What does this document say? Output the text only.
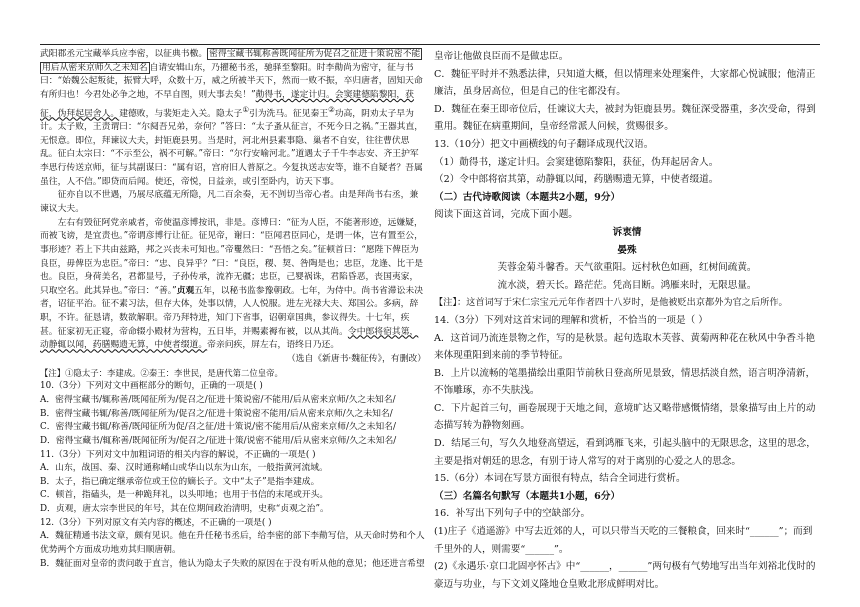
武阳郡丞元宝藏举兵应李密，以征典书檄。 密得宝藏书辄称善既闻征所为促召之征进十策说密不能用后从密来京师久之未知名 自请安辑山东，乃擢秘书丞，驰驿至黎阳。时李勣尚为密守，征与书曰：“始魏公起叛徒，振臂大呼，众数十万，威之所被半天下，然而一败不振，卒归唐者，固知天命有所归也！今君处必争之地，不早自图，则大事去矣！”勣得书，遂定计归。会窦建德陷黎阳，获征，伪拜起居舍人。建德败，与裴矩走入关。隐太子①引为洗马。征见秦王②功高，阴劝太子早为计。太子败，王责谓曰：“尔阋吾兄弟，奈何？”答曰：“太子蚤从征言，不死今日之祸。”王器其直，无恨意。即位，拜谏议大夫，封钜鹿县男。当是时，河北州县素事隐、巢者不自安，往往曹伏思乱。征白太宗曰：“不示至公，祸不可解。”帝曰：“尔行安喻河北。”道遇太子千牛李志安、齐王护军李思行传送京师，征与其副谋曰：“属有诏，宫府旧人普原之。今复执送志安等，谁不自疑者？吾属虽往，人不信。”即贷而后闻。使还，帝悦，日益亲，或引至卧内，访天下事。

征亦自以不世遇，乃展尽底蕴无所隐，凡二百余奏，无不剀切当帝心者。由是拜尚书右丞，兼谏议大夫。

左右有毁征阿党亲戚者，帝使温彦博按讯，非是。彦博曰：“征为人臣，不能著形迹，远嫌疑，而被飞谤，是宜责也。”帝谓彦博行让征。征见帝，谢曰：“臣闻君臣同心，是谓一体，岂有置至公，事形迹？若上下共由兹路，邦之兴丧未可知也。”帝矍然曰：“吾悟之矣。”征顿首曰：“愿陛下俾臣为良臣，毋俾臣为忠臣。”帝曰：“忠、良异乎？”曰：“良臣，稷、契、咎陶是也；忠臣，龙逢、比干是也。良臣，身荷美名，君都显号，子孙传承，流祚无疆；忠臣，己婴祸诛，君陷昏恶，丧国夷家，只取空名。此其异也。”帝曰：“善。”贞观五年，以秘书监参豫朝政。七年，为侍中。尚书省滞讼未决者，诏征平治。征不素习法，但存大体，处事以情，人人悦服。进左光禄大夫、郑国公。多病，辞职，不许。征恳请，数欲解职。帝乃拜特进，知门下省事，诏朝章国典，参议得失。十七年，疾甚。征家初无正寝，帝命辍小殿材为营构，五日毕，并赐素褥布被，以从其尚。令中郎将宿其第，动静辄以闻，药膳赐遗无算，中使者缀道。帝亲问疾，屏左右，语终日乃还。

（选自《新唐书·魏征传》，有删改）

【注】①隐太子：李建成。②秦王：李世民，是唐代第二位皇帝。

10.（3分）下列对文中画框部分的断句，正确的一项是( )

A．密得宝藏书/辄称善/既闻征所为/促召之/征进十策说密/不能用/后从密来京师/久之未知名/

B．密得宝藏书辄/称善/既闻征所为/促召之/征进十策说密不能用/后从密来京师/久之未知名/

C．密得宝藏书辄/称善/既闻征所为促/召之征/进十策说/密不能用后/从密来京师/久之未知名/

D．密得宝藏书/辄称善/既闻征所为/促召之/征进十策/说密不能用/后从密来京师/久之未知名/

11.（3分）下列对文中加粗词语的相关内容的解说，不正确的一项是( )

A．山东，战国、秦、汉时通称崤山或华山以东为山东，一般指黄河流域。

B．太子，指已确定继承帝位或王位的嫡长子。文中“太子”是指李建成。

C．顿首，指磕头，是一种跪拜礼，以头叩地；也用于书信的末尾或开头。

D．贞观，唐太宗李世民的年号，其在位期间政治清明，史称“贞观之治”。

12.（3分）下列对原文有关内容的概述，不正确的一项是( )

A．魏征精通书法文章，颇有见识。他在升任秘书丞后，给李密的部下李勣写信，从天命时势和个人优势两个方面成功地劝其归顺唐朝。

B．魏征面对皇帝的责问敢于直言，他认为隐太子失败的原因在于没有听从他的意见；他还进言希望

皇帝让他做良臣而不是做忠臣。

C．魏征平时并不熟悉法律，只知道大概，但以情理来处理案件，大家都心悦诚服；他清正廉洁，虽身居高位，但是自己的住宅都没有。

D．魏征在秦王即帝位后，任谏议大夫，被封为钜鹿县男。魏征深受器重，多次受命，得到重用。魏征在病重期间，皇帝经常派人问候，赏赐很多。

13.（10分）把文中画横线的句子翻译成现代汉语。

（1）勣得书，遂定计归。会窦建德陷黎阳，获征，伪拜起居舍人。

（2）令中郎将宿其第，动静辄以闻，药膳赐遗无算，中使者缀道。

（二）古代诗歌阅读（本题共2小题，9分）

阅读下面这首词，完成下面小题。

诉衷情

晏殊

芙蓉金菊斗馨香。天气欲重阳。远村秋色如画，红树间疏黄。

流水淡，碧天长。路茫茫。凭高目断。鸿雁来时，无限思量。

【注】：这首词写于宋仁宗宝元元年作者四十八岁时，是他被贬出京都外为官之后所作。

14.（3分）下列对这首宋词的理解和赏析，不恰当的一项是（ ）

A．这首词乃流连景物之作，写的是秋景。起句选取木芙蓉、黄菊两种花在秋风中争香斗艳来体现重阳到来前的季节特征。

B．上片以流畅的笔墨描绘出重阳节前秋日登高所见景致，情思括淡自然，语言明净清新，不饰雕琢，亦不失肤浅。

C．下片起首三句，画卷展现于天地之间，意境旷达又略带感慨情绪，景象描写由上片的动态描写转为静物刻画。

D．结尾三句，写久久地登高望远，看到鸿雁飞来，引起头脑中的无限思念，这里的思念，主要是指对朝廷的思念，有别于诗人常写的对于离别的心爱之人的思念。

15.（6分）本词在写景方面很有特点，结合全词进行赏析。

（三）名篇名句默写（本题共1小题，6分）

16．补写出下列句子中的空缺部分。

(1)庄子《逍遥游》中写去近郊的人，可以只带当天吃的三餐粮食，回来时“______”；而到千里外的人，则需要“______”。

(2)《永遇乐·京口北固亭怀古》中“______，______”两句极有气势地写出当年刘裕北伐时的豪迈与功业，与下文刘义隆地仓皇败北形成鲜明对比。
